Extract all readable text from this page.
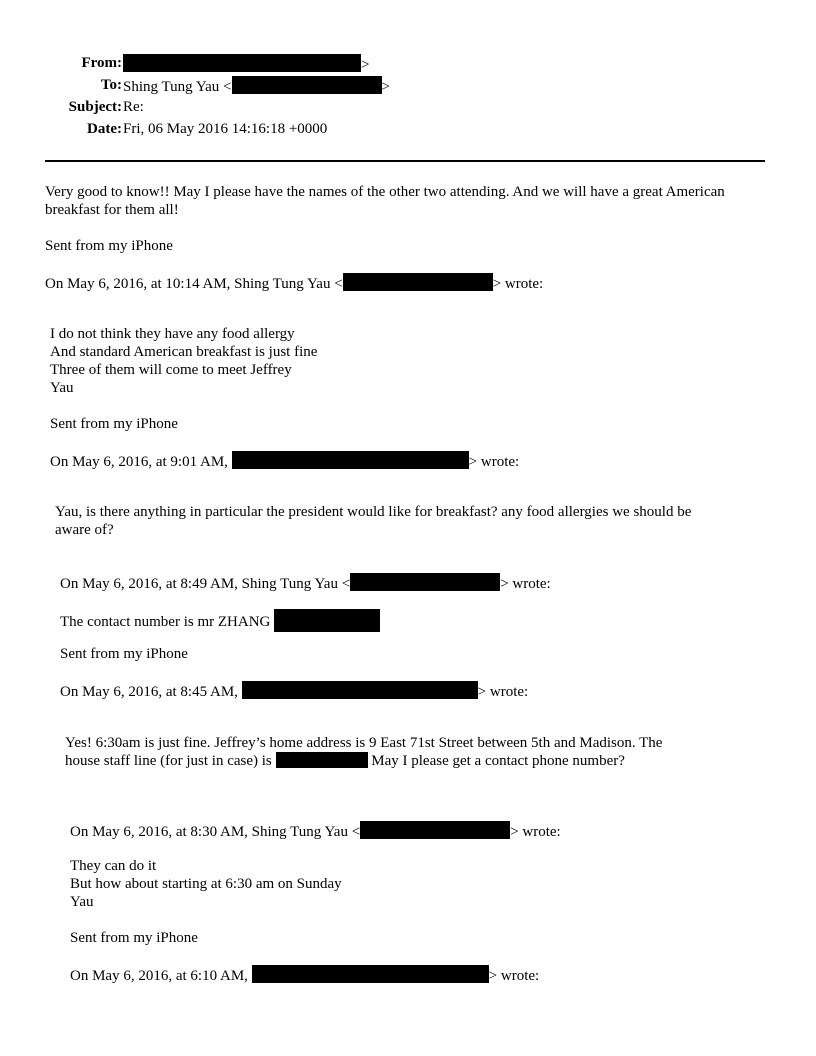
From:	>
To: Shing Tung Yau <	>
Subject: Re:
Date: Fri, 06 May 2016 14:16:18 +0000
Very good to know!! May I please have the names of the other two attending. And we will have a great American
breakfast for them all!
Sent from my iPhone
On May 6, 2016, at 10:14 AM, Shing Tung Yau <	> wrote:
I do not think they have any food allergy
And standard American breakfast is just fine
Three of them will come to meet Jeffrey
Yau
Sent from my iPhone
On May 6, 2016, at 9:01 AM,	> wrote:
Yau, is there anything in particular the president would like for breakfast? any food allergies we should be
aware of?
On May 6, 2016, at 8:49 AM, Shing Tung Yau <	> wrote:
The contact number is mr ZHANG
Sent from my iPhone
On May 6, 2016, at 8:45 AM,	> wrote:
Yes! 6:30am is just fine. Jeffrey’s home address is 9 East 71st Street between 5th and Madison. The
house staff line (for just in case) is	May I please get a contact phone number?
On May 6, 2016, at 8:30 AM, Shing Tung Yau <	> wrote:
They can do it
But how about starting at 6:30 am on Sunday
Yau
Sent from my iPhone
On May 6, 2016, at 6:10 AM,	> wrote:
